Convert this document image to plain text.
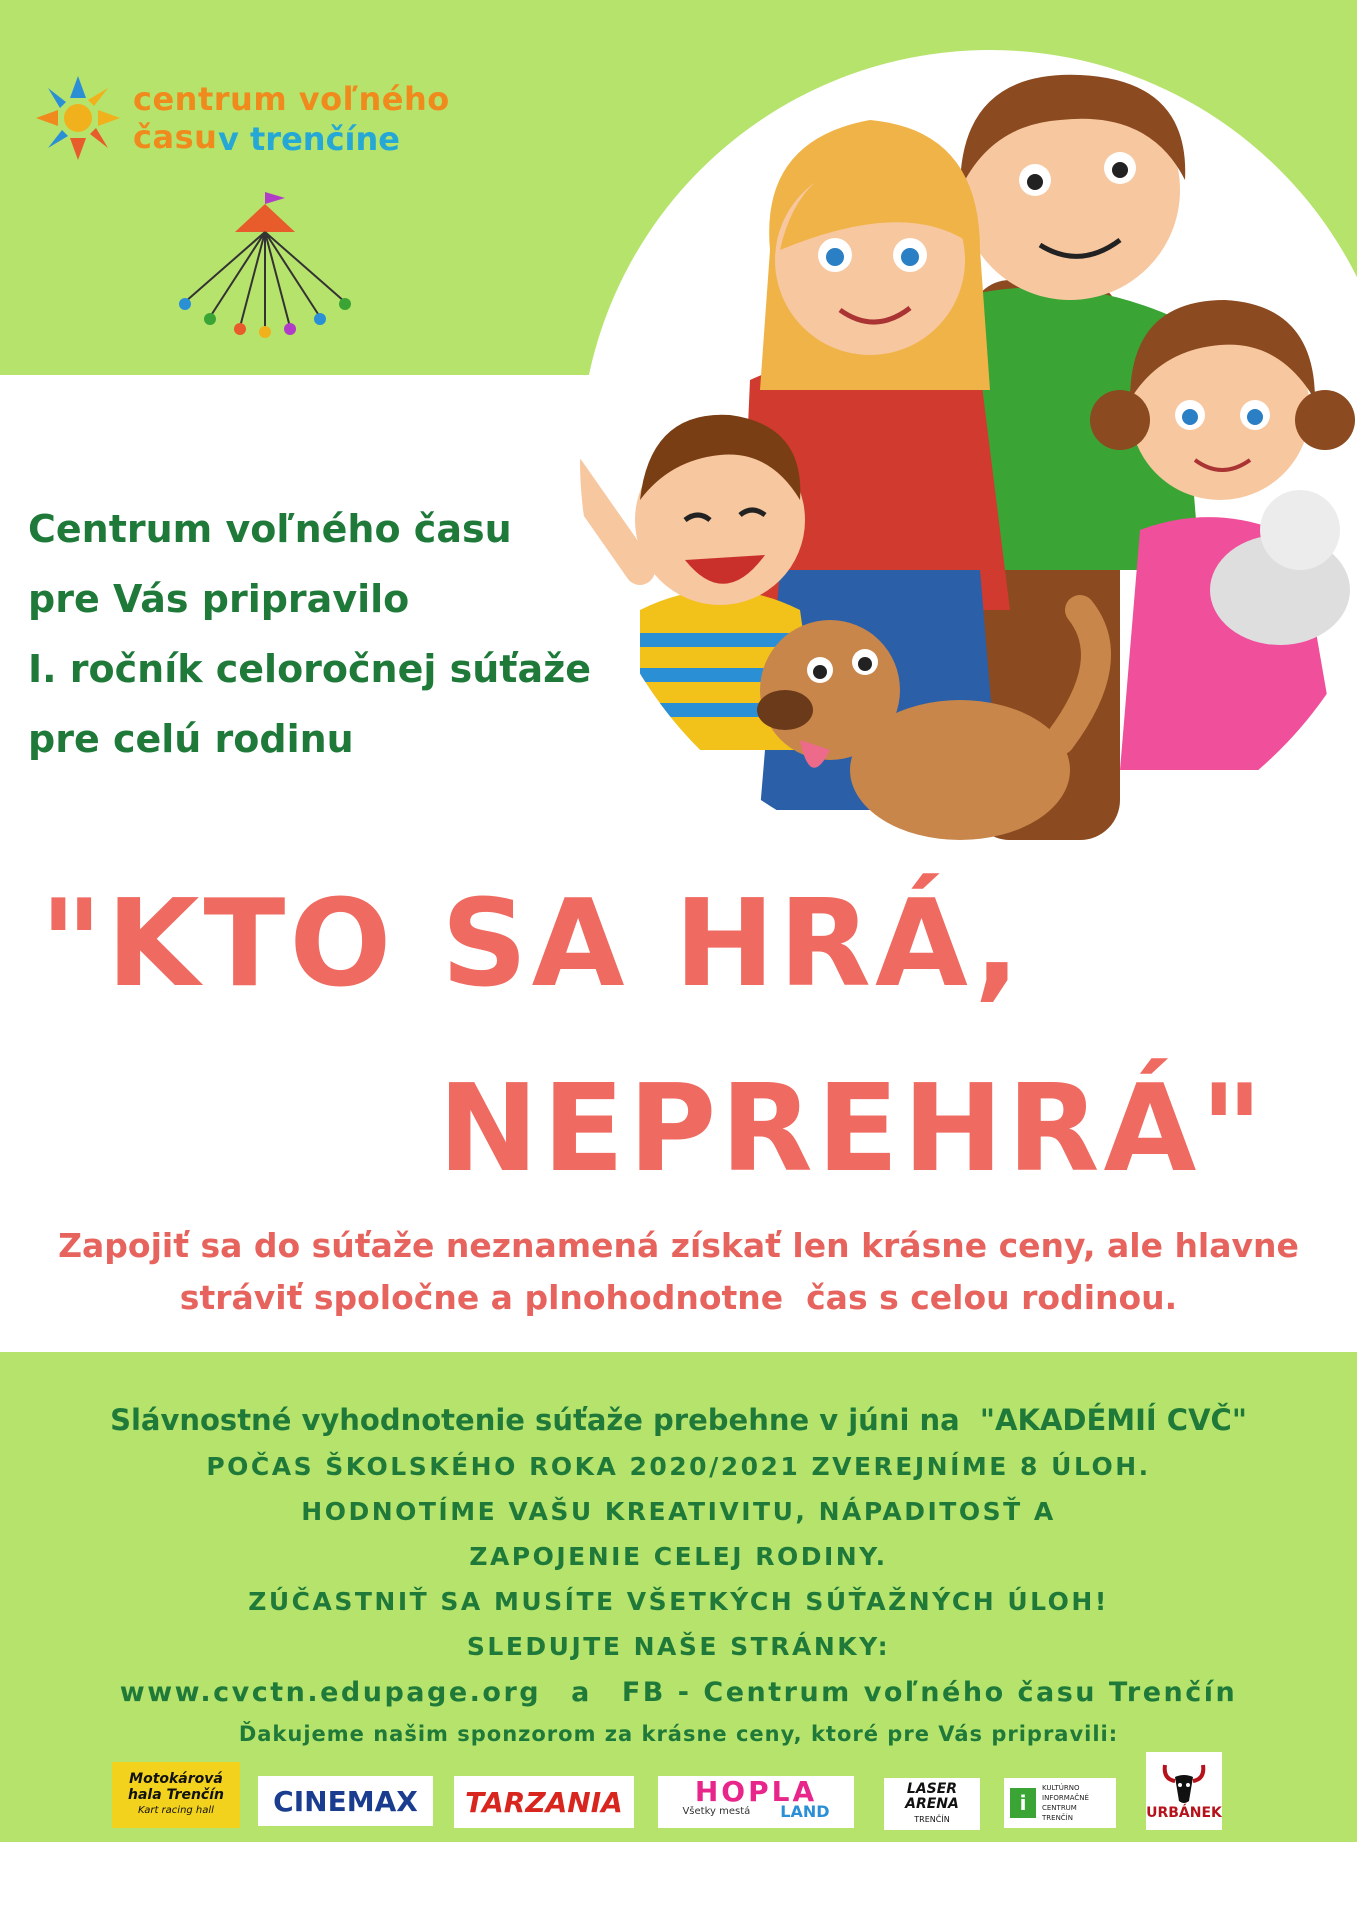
centrum voľného času v trenčíne
Centrum voľného času
pre Vás pripravilo
I. ročník celoročnej súťaže
pre celú rodinu
"KTO SA HRÁ,
NEPREHRÁ"
Zapojiť sa do súťaže neznamená získať len krásne ceny, ale hlavne
stráviť spoločne a plnohodnotne  čas s celou rodinou.
Slávnostné vyhodnotenie súťaže prebehne v júni na  "AKADÉMIÍ CVČ"
POČAS ŠKOLSKÉHO ROKA 2020/2021 ZVEREJNÍME 8 ÚLOH.
HODNOTÍME VAŠU KREATIVITU, NÁPADITOSŤ A
ZAPOJENIE CELEJ RODINY.
ZÚČASTNIŤ SA MUSÍTE VŠETKÝCH SÚŤAŽNÝCH ÚLOH!
SLEDUJTE NAŠE STRÁNKY:
www.cvctn.edupage.org a FB - Centrum voľného času Trenčín
Ďakujeme našim sponzorom za krásne ceny, ktoré pre Vás pripravili:
Motokárová
hala Trenčín
Kart racing hall CINEMAX TARZANIA	HOPLA
Všetky mestá LAND
LASER
ARENA
TRENČÍN
i
KULTÚRNO
INFORMAČNÉ
CENTRUM
TRENČÍN	URBÁNEK
